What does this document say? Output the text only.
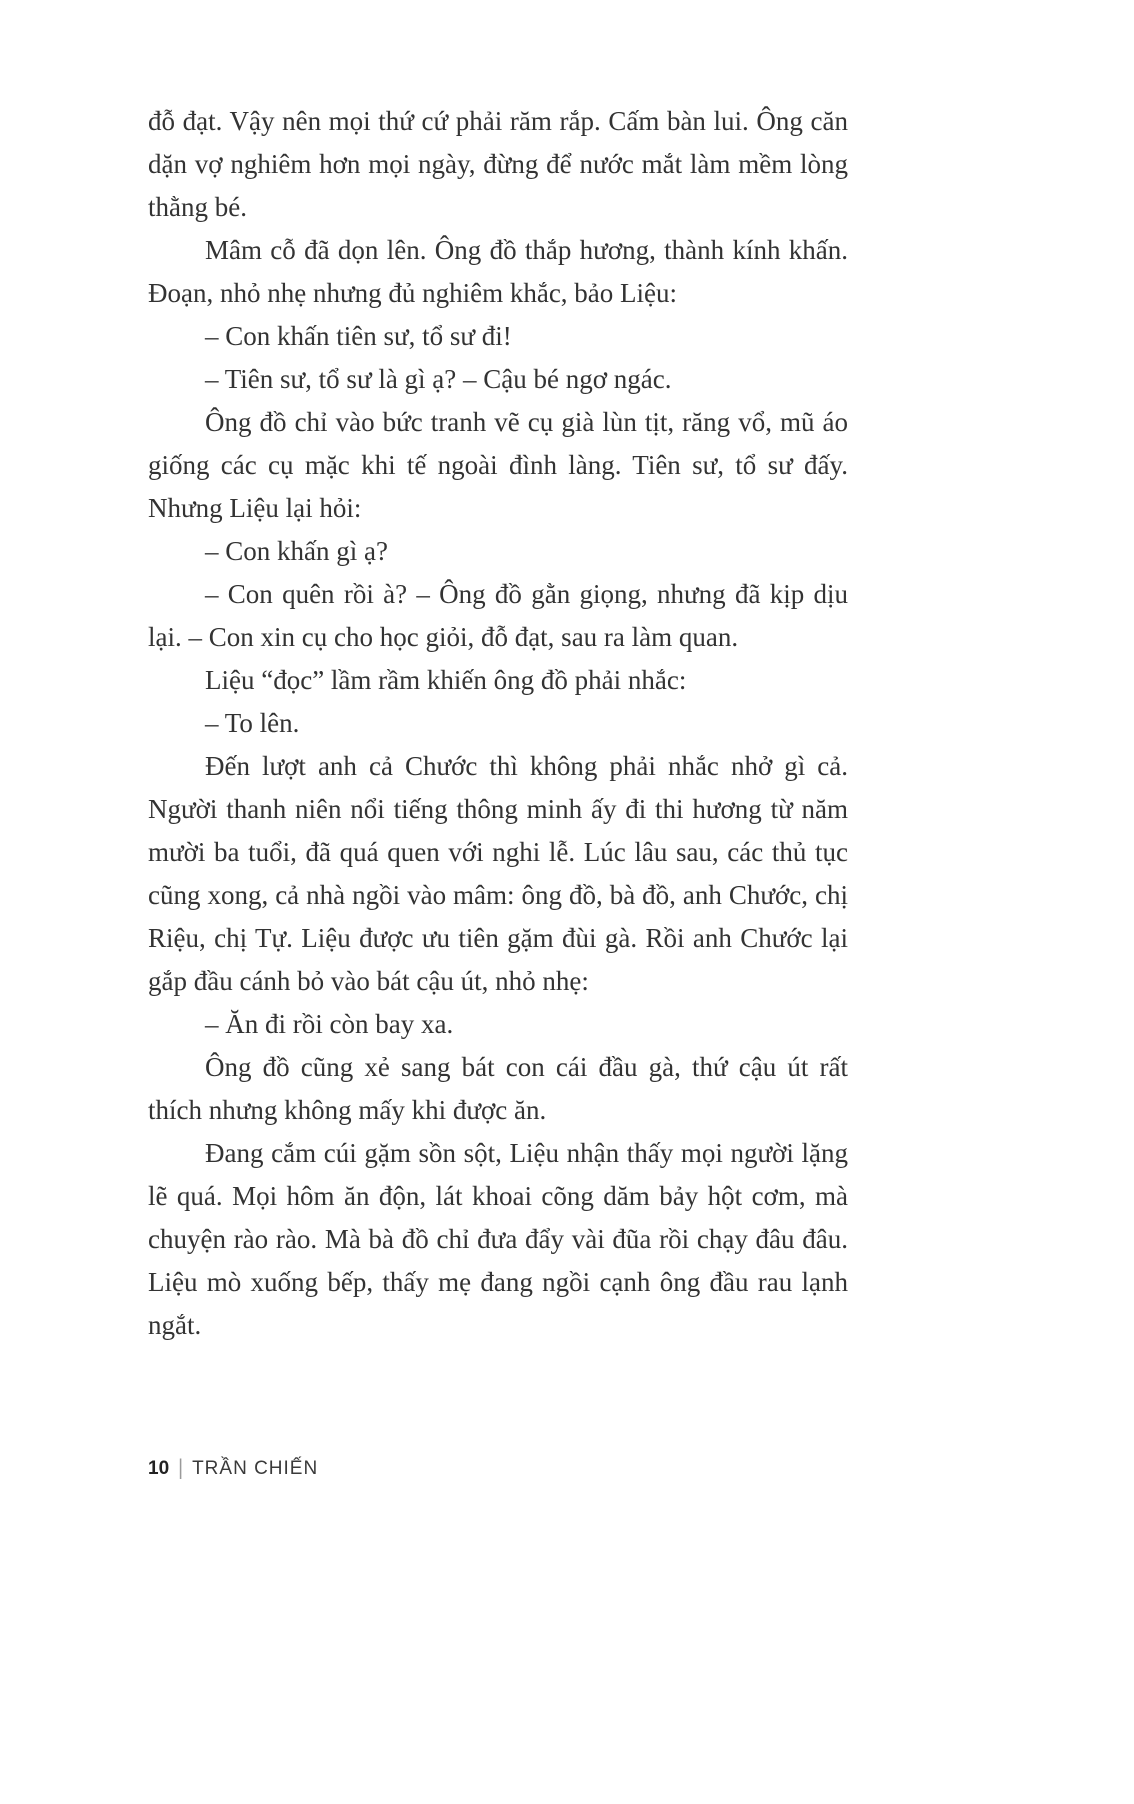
đỗ đạt. Vậy nên mọi thứ cứ phải răm rắp. Cấm bàn lui. Ông căn dặn vợ nghiêm hơn mọi ngày, đừng để nước mắt làm mềm lòng thằng bé.

Mâm cỗ đã dọn lên. Ông đồ thắp hương, thành kính khấn. Đoạn, nhỏ nhẹ nhưng đủ nghiêm khắc, bảo Liệu:

– Con khấn tiên sư, tổ sư đi!

– Tiên sư, tổ sư là gì ạ? – Cậu bé ngơ ngác.

Ông đồ chỉ vào bức tranh vẽ cụ già lùn tịt, răng vổ, mũ áo giống các cụ mặc khi tế ngoài đình làng. Tiên sư, tổ sư đấy. Nhưng Liệu lại hỏi:

– Con khấn gì ạ?

– Con quên rồi à? – Ông đồ gằn giọng, nhưng đã kịp dịu lại. – Con xin cụ cho học giỏi, đỗ đạt, sau ra làm quan.

Liệu “đọc” lầm rầm khiến ông đồ phải nhắc:

– To lên.

Đến lượt anh cả Chước thì không phải nhắc nhở gì cả. Người thanh niên nổi tiếng thông minh ấy đi thi hương từ năm mười ba tuổi, đã quá quen với nghi lễ. Lúc lâu sau, các thủ tục cũng xong, cả nhà ngồi vào mâm: ông đồ, bà đồ, anh Chước, chị Riệu, chị Tự. Liệu được ưu tiên gặm đùi gà. Rồi anh Chước lại gắp đầu cánh bỏ vào bát cậu út, nhỏ nhẹ:

– Ăn đi rồi còn bay xa.

Ông đồ cũng xẻ sang bát con cái đầu gà, thứ cậu út rất thích nhưng không mấy khi được ăn.

Đang cắm cúi gặm sồn sột, Liệu nhận thấy mọi người lặng lẽ quá. Mọi hôm ăn độn, lát khoai cõng dăm bảy hột cơm, mà chuyện rào rào. Mà bà đồ chỉ đưa đẩy vài đũa rồi chạy đâu đâu. Liệu mò xuống bếp, thấy mẹ đang ngồi cạnh ông đầu rau lạnh ngắt.

10 | TRẦN CHIẾN
